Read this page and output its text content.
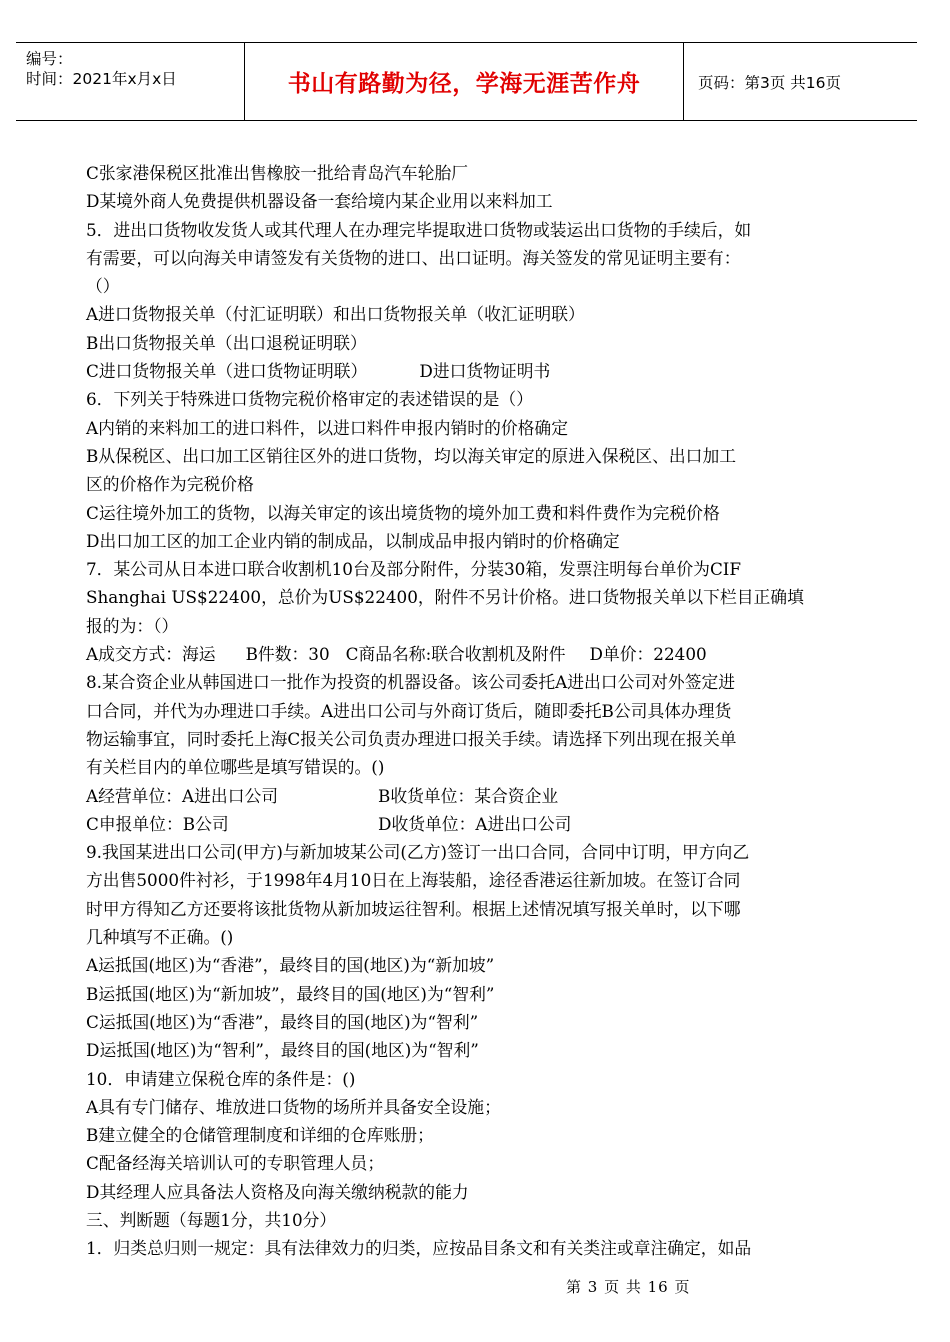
编号：
时间：2021年x月x日	书山有路勤为径，学海无涯苦作舟	页码：第3页 共16页
C张家港保税区批准出售橡胶一批给青岛汽车轮胎厂
D某境外商人免费提供机器设备一套给境内某企业用以来料加工
5．进出口货物收发货人或其代理人在办理完毕提取进口货物或装运出口货物的手续后，如
有需要，可以向海关申请签发有关货物的进口、出口证明。海关签发的常见证明主要有：
（）
A进口货物报关单（付汇证明联）和出口货物报关单（收汇证明联）
B出口货物报关单（出口退税证明联）
C进口货物报关单（进口货物证明联）	D进口货物证明书
6．下列关于特殊进口货物完税价格审定的表述错误的是（）
A内销的来料加工的进口料件，以进口料件申报内销时的价格确定
B从保税区、出口加工区销往区外的进口货物，均以海关审定的原进入保税区、出口加工
区的价格作为完税价格
C运往境外加工的货物，以海关审定的该出境货物的境外加工费和料件费作为完税价格
D出口加工区的加工企业内销的制成品，以制成品申报内销时的价格确定
7．某公司从日本进口联合收割机10台及部分附件，分装30箱，发票注明每台单价为CIF
Shanghai US$22400，总价为US$22400，附件不另计价格。进口货物报关单以下栏目正确填
报的为：（）
A成交方式：海运 B件数：30 C商品名称:联合收割机及附件 D单价：22400
8.某合资企业从韩国进口一批作为投资的机器设备。该公司委托A进出口公司对外签定进
口合同，并代为办理进口手续。A进出口公司与外商订货后，随即委托B公司具体办理货
物运输事宜，同时委托上海C报关公司负责办理进口报关手续。请选择下列出现在报关单
有关栏目内的单位哪些是填写错误的。()
A经营单位：A进出口公司	B收货单位：某合资企业
C申报单位：B公司	D收货单位：A进出口公司
9.我国某进出口公司(甲方)与新加坡某公司(乙方)签订一出口合同，合同中订明，甲方向乙
方出售5000件衬衫，于1998年4月10日在上海装船，途径香港运往新加坡。在签订合同
时甲方得知乙方还要将该批货物从新加坡运往智利。根据上述情况填写报关单时，以下哪
几种填写不正确。()
A运抵国(地区)为“香港”，最终目的国(地区)为“新加坡”
B运抵国(地区)为“新加坡”，最终目的国(地区)为“智利”
C运抵国(地区)为“香港”，最终目的国(地区)为“智利”
D运抵国(地区)为“智利”，最终目的国(地区)为“智利”
10．申请建立保税仓库的条件是：()
A具有专门储存、堆放进口货物的场所并具备安全设施；
B建立健全的仓储管理制度和详细的仓库账册；
C配备经海关培训认可的专职管理人员；
D其经理人应具备法人资格及向海关缴纳税款的能力
三、判断题（每题1分，共10分）
1．归类总归则一规定：具有法律效力的归类，应按品目条文和有关类注或章注确定，如品
第 3 页 共 16 页
